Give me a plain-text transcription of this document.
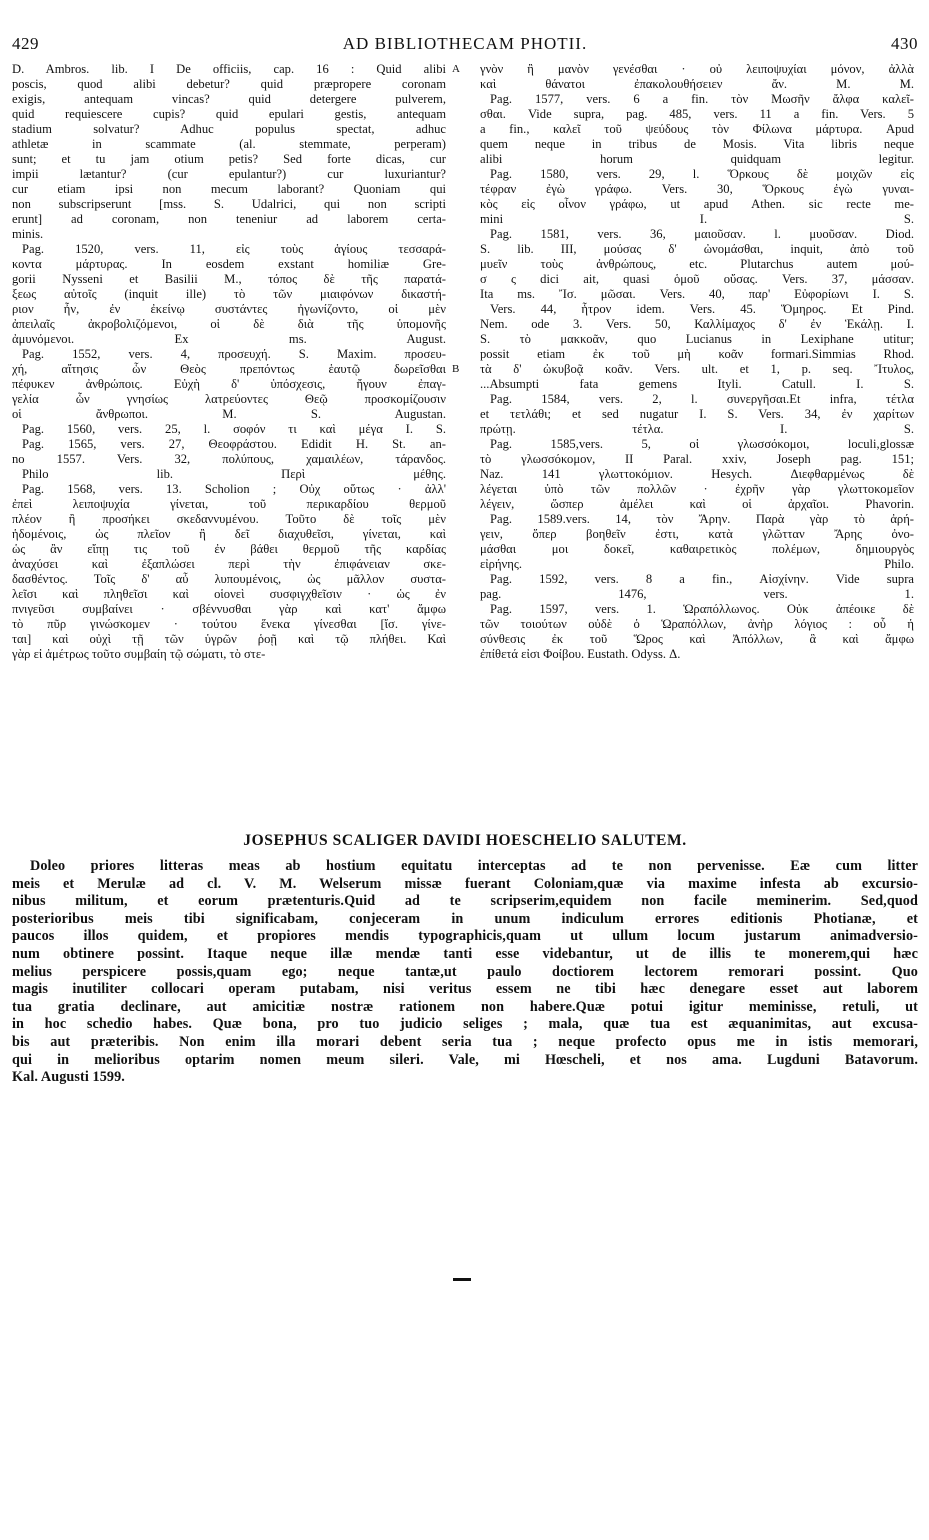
429	AD BIBLIOTHECAM PHOTII.	430
D. Ambros. lib. I De officiis, cap. 16 : Quid alibi
poscis, quod alibi debetur? quid præpropere coronam
exigis, antequam vincas? quid detergere pulverem,
quid requiescere cupis? quid epulari gestis, antequam
stadium solvatur? Adhuc populus spectat, adhuc
athletæ in scammate (al. stemmate, perperam)
sunt; et tu jam otium petis? Sed forte dicas, cur
impii lætantur? (cur epulantur?) cur luxuriantur?
cur etiam ipsi non mecum laborant? Quoniam qui
non subscripserunt [mss. S. Udalrici, qui non scripti
erunt] ad coronam, non teneniur ad laborem certa-
minis.
Pag. 1520, vers. 11, εἰς τοὺς ἁγίους τεσσαρά-
κοντα μάρτυρας. In eosdem exstant homiliæ Gre-
gorii Nysseni et Basilii M., τόπος δὲ τῆς παρατά-
ξεως αὐτοῖς (inquit ille) τὸ τῶν μιαιφόνων δικαστή-
ριον ἦν, ἐν ἐκείνῳ συστάντες ἠγωνίζοντο, οἱ μὲν
ἀπειλαῖς ἀκροβολιζόμενοι, οἱ δὲ διὰ τῆς ὑπομονῆς
ἀμυνόμενοι. Ex ms. August.
Pag. 1552, vers. 4, προσευχή. S. Maxim. προσευ-
χή, αἴτησις ὧν Θεὸς πρεπόντως ἑαυτῷ δωρεῖσθαι
πέφυκεν ἀνθρώποις. Εὐχὴ δ' ὑπόσχεσις, ἤγουν ἐπαγ-
γελία ὧν γνησίως λατρεύοντες Θεῷ προσκομίζουσιν
οἱ ἄνθρωποι. M. S. Augustan.
Pag. 1560, vers. 25, l. σοφόν τι καὶ μέγα I. S.
Pag. 1565, vers. 27, Θεοφράστου. Edidit H. St. an-
no 1557. Vers. 32, πολύπους, χαμαιλέων, τάρανδος.
Philo lib. Περὶ μέθης.
Pag. 1568, vers. 13. Scholion ; Οὐχ οὕτως · ἀλλ'
ἐπεὶ λειποψυχία γίνεται, τοῦ περικαρδίου θερμοῦ
πλέον ἢ προσήκει σκεδαννυμένου. Τοῦτο δὲ τοῖς μὲν
ἡδομένοις, ὡς πλεῖον ἢ δεῖ διαχυθεῖσι, γίνεται, καὶ
ὡς ἂν εἴπῃ τις τοῦ ἐν βάθει θερμοῦ τῆς καρδίας
ἀναχύσει καὶ ἐξαπλώσει περὶ τὴν ἐπιφάνειαν σκε-
δασθέντος. Τοῖς δ' αὖ λυπουμένοις, ὡς μᾶλλον συστα-
λεῖσι καὶ πληθεῖσι καὶ οἱονεὶ συσφιγχθεῖσιν · ὡς ἐν
πνιγεῦσι συμβαίνει · σβέννυσθαι γὰρ καὶ κατ' ἄμφω
τὸ πῦρ γινώσκομεν · τούτου ἕνεκα γίνεσθαι [ἴσ. γίνε-
ται] καὶ οὐχὶ τῇ τῶν ὑγρῶν ῥοῇ καὶ τῷ πλήθει. Καὶ
γὰρ εἰ ἀμέτρως τοῦτο συμβαίη τῷ σώματι, τὸ στε-
A
B
γνὸν ἢ μανὸν γενέσθαι · οὐ λειποψυχίαι μόνον, ἀλλὰ
καὶ θάνατοι ἐπακολουθήσειεν ἄν. M. M.
Pag. 1577, vers. 6 a fin. τὸν Μωσῆν ἄλφα καλεῖ-
σθαι. Vide supra, pag. 485, vers. 11 a fin. Vers. 5
a fin., καλεῖ τοῦ ψεύδους τὸν Φίλωνα μάρτυρα. Apud
quem neque in tribus de Mosis. Vita libris neque
alibi horum quidquam legitur.
Pag. 1580, vers. 29, l. Ὅρκους δὲ μοιχῶν εἰς
τέφραν ἐγὼ γράφω. Vers. 30, Ὅρκους ἐγὼ γυναι-
κὸς εἰς οἶνον γράφω, ut apud Athen. sic recte me-
mini I. S.
Pag. 1581, vers. 36, μαιοῦσαν. l. μυοῦσαν. Diod.
S. lib. III, μούσας δ' ὠνομάσθαι, inquit, ἀπὸ τοῦ
μυεῖν τοὺς ἀνθρώπους, etc. Plutarchus autem μού-
σ ς dici ait, quasi ὁμοῦ οὔσας. Vers. 37, μάσσαν.
Ita ms. Ἴσ. μῶσαι. Vers. 40, παρ' Εὐφορίωνι I. S.
Vers. 44, ἧτρον idem. Vers. 45. Ὅμηρος. Et Pind.
Nem. ode 3. Vers. 50, Καλλίμαχος δ' ἐν Ἑκάλῃ. I.
S. τὸ μακκοᾶν, quo Lucianus in Lexiphane utitur;
possit etiam ἐκ τοῦ μὴ κοᾶν formari.Simmias Rhod.
τὰ δ' ὠκυβοᾷ κοᾶν. Vers. ult. et 1, p. seq. Ἴτυλος,
...Absumpti fata gemens Ityli. Catull. I. S.
Pag. 1584, vers. 2, l. συνεργῆσαι.Et infra, τέτλα
et τετλάθι; et sed nugatur I. S. Vers. 34, ἐν χαρίτων
πρώτῃ. τέτλα. I. S.
Pag. 1585,vers. 5, οἱ γλωσσόκομοι, loculi,glossæ
τὸ γλωσσόκομον, II Paral. xxiv, Joseph pag. 151;
Naz. 141 γλωττοκόμιον. Hesych. Διεφθαρμένως δὲ
λέγεται ὑπὸ τῶν πολλῶν · ἐχρῆν γὰρ γλωττοκομεῖον
λέγειν, ὥσπερ ἀμέλει καὶ οἱ ἀρχαῖοι. Phavorin.
Pag. 1589.vers. 14, τὸν Ἄρην. Παρὰ γὰρ τὸ ἀρή-
γειν, ὅπερ βοηθεῖν ἐστι, κατὰ γλῶτταν Ἄρης ὀνο-
μάσθαι μοι δοκεῖ, καθαιρετικὸς πολέμων, δημιουργὸς
εἰρήνης. Philo.
Pag. 1592, vers. 8 a fin., Αἰσχίνην. Vide supra
pag. 1476, vers. 1.
Pag. 1597, vers. 1. Ὡραπόλλωνος. Οὐκ ἀπέοικε δὲ
τῶν τοιούτων οὐδὲ ὁ Ὡραπόλλων, ἀνὴρ λόγιος : οὗ ἡ
σύνθεσις ἐκ τοῦ Ὥρος καὶ Ἀπόλλων, ἃ καὶ ἄμφω
ἐπίθετά εἰσι Φοίβου. Eustath. Odyss. Δ.
JOSEPHUS SCALIGER DAVIDI HOESCHELIO SALUTEM.
Doleo priores litteras meas ab hostium equitatu interceptas ad te non pervenisse. Eæ cum litter
meis et Merulæ ad cl. V. M. Welserum missæ fuerant Coloniam,quæ via maxime infesta ab excursio-
nibus militum, et eorum prætenturis.Quid ad te scripserim,equidem non facile meminerim. Sed,quod
posterioribus meis tibi significabam, conjeceram in unum indiculum errores editionis Photianæ, et
paucos illos quidem, et propiores mendis typographicis,quam ut ullum locum justarum animadversio-
num obtinere possint. Itaque neque illæ mendæ tanti esse videbantur, ut de illis te monerem,qui hæc
melius perspicere possis,quam ego; neque tantæ,ut paulo doctiorem lectorem remorari possint. Quo
magis inutiliter collocari operam putabam, nisi veritus essem ne tibi hæc denegare esset aut laborem
tua gratia declinare, aut amicitiæ nostræ rationem non habere.Quæ potui igitur meminisse, retuli, ut
in hoc schedio habes. Quæ bona, pro tuo judicio seliges ; mala, quæ tua est æquanimitas, aut excusa-
bis aut præteribis. Non enim illa morari debent seria tua ; neque profecto opus me in istis memorari,
qui in melioribus optarim nomen meum sileri. Vale, mi Hœscheli, et nos ama. Lugduni Batavorum.
Kal. Augusti 1599.
